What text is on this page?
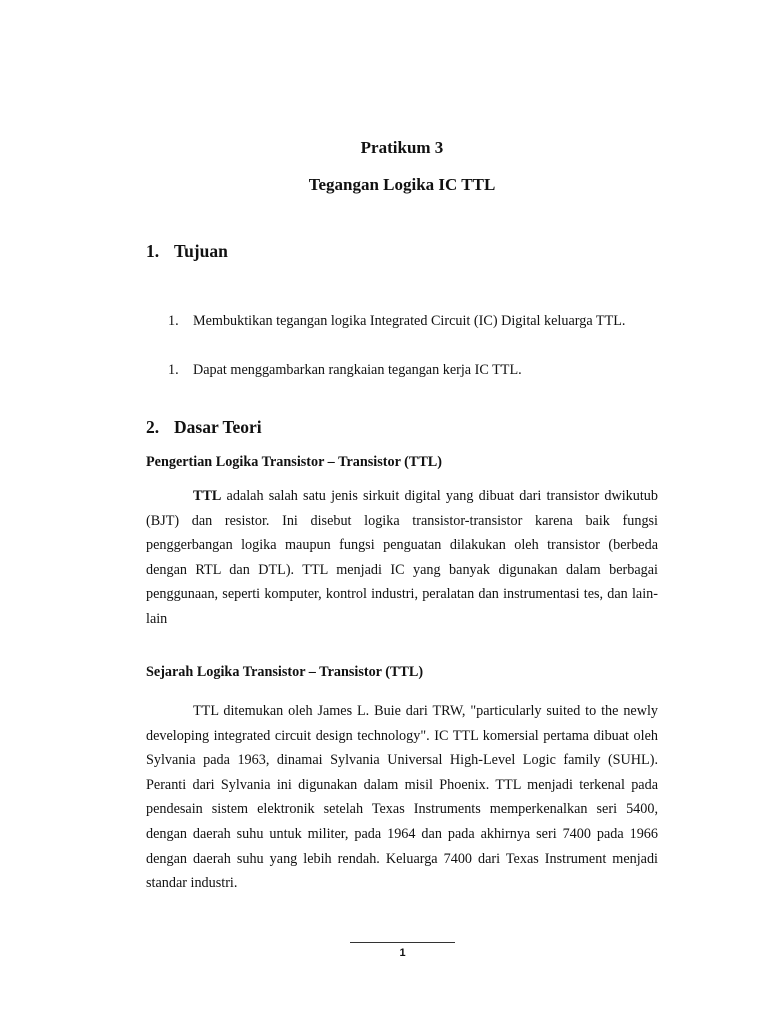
Pratikum 3
Tegangan Logika IC TTL
1. Tujuan
1.	Membuktikan tegangan logika Integrated Circuit (IC) Digital keluarga TTL.
1.	Dapat menggambarkan rangkaian tegangan kerja IC TTL.
2. Dasar Teori
Pengertian Logika Transistor – Transistor (TTL)
TTL adalah salah satu jenis sirkuit digital yang dibuat dari transistor dwikutub (BJT) dan resistor. Ini disebut logika transistor-transistor karena baik fungsi penggerbangan logika maupun fungsi penguatan dilakukan oleh transistor (berbeda dengan RTL dan DTL). TTL menjadi IC yang banyak digunakan dalam berbagai penggunaan, seperti komputer, kontrol industri, peralatan dan instrumentasi tes, dan lain-lain
Sejarah Logika Transistor – Transistor (TTL)
TTL ditemukan oleh James L. Buie dari TRW, "particularly suited to the newly developing integrated circuit design technology". IC TTL komersial pertama dibuat oleh Sylvania pada 1963, dinamai Sylvania Universal High-Level Logic family (SUHL). Peranti dari Sylvania ini digunakan dalam misil Phoenix. TTL menjadi terkenal pada pendesain sistem elektronik setelah Texas Instruments memperkenalkan seri 5400, dengan daerah suhu untuk militer, pada 1964 dan pada akhirnya seri 7400 pada 1966 dengan daerah suhu yang lebih rendah. Keluarga 7400 dari Texas Instrument menjadi standar industri.
1
